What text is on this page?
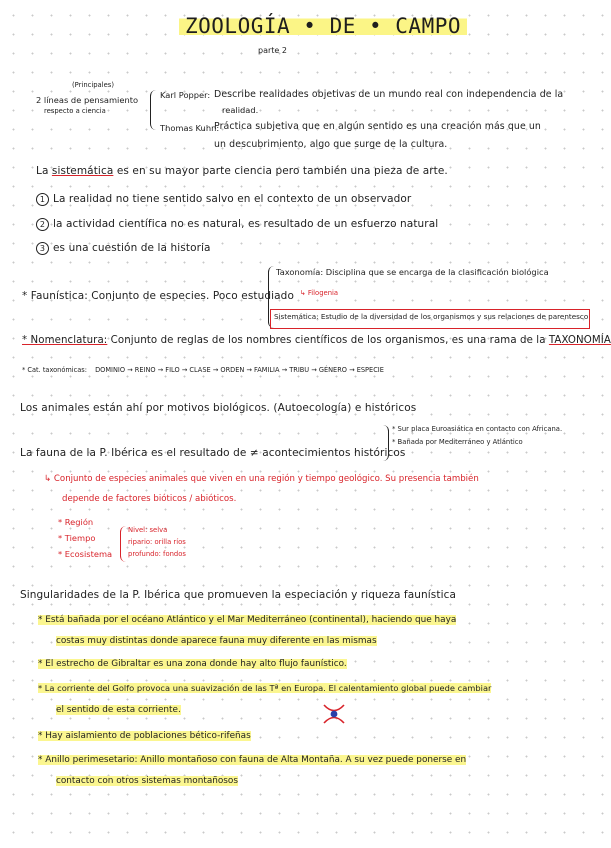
ZOOLOGÍA • DE • CAMPO
parte 2
(Principales)
2 líneas de pensamiento
respecto a ciencia
Karl Popper: Describe realidades objetivas de un mundo real con independencia de la
realidad.
Thomas Kuhn:
Práctica subjetiva que en algún sentido es una creación más que un
un descubrimiento, algo que surge de la cultura.
La sistemática es en su mayor parte ciencia pero también una pieza de arte.
1 La realidad no tiene sentido salvo en el contexto de un observador
2 la actividad científica no es natural, es resultado de un esfuerzo natural
3 es una cuestión de la historia
* Faunística: Conjunto de especies. Poco estudiado
Taxonomía: Disciplina que se encarga de la clasificación biológica
↳ Filogenia
Sistemática: Estudio de la diversidad de los organismos y sus relaciones de parentesco
* Nomenclatura: Conjunto de reglas de los nombres científicos de los organismos, es una rama de la TAXONOMÍA
* Cat. taxonómicas: DOMINIO → REINO → FILO → CLASE → ORDEN → FAMILIA → TRIBU → GÉNERO → ESPECIE
Los animales están ahí por motivos biológicos. (Autoecología) e históricos
La fauna de la P. Ibérica es el resultado de ≠ acontecimientos históricos
* Sur placa Euroasiática en contacto con Africana.
* Bañada por Mediterráneo y Atlántico
↳ Conjunto de especies animales que viven en una región y tiempo geológico. Su presencia también
depende de factores bióticos / abióticos.
* Región
* Tiempo
* Ecosistema
Nivel: selva
ripario: orilla ríos
profundo: fondos
Singularidades de la P. Ibérica que promueven la especiación y riqueza faunística
* Está bañada por el océano Atlántico y el Mar Mediterráneo (continental), haciendo que haya
costas muy distintas donde aparece fauna muy diferente en las mismas
* El estrecho de Gibraltar es una zona donde hay alto flujo faunístico.
* La corriente del Golfo provoca una suavización de las Tª en Europa. El calentamiento global puede cambiar
el sentido de esta corriente.
* Hay aislamiento de poblaciones bético-rifeñas
* Anillo perimesetario: Anillo montañoso con fauna de Alta Montaña. A su vez puede ponerse en
contacto con otros sistemas montañosos
